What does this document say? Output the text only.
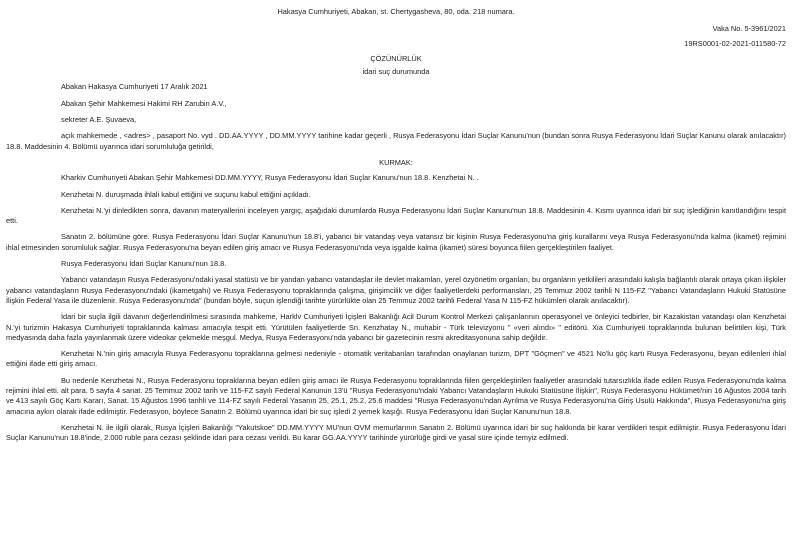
Hakasya Cumhuriyeti, Abakan, st. Chertygasheva, 80, oda. 218 numara.
Vaka No. 5-3961/2021
19RS0001-02-2021-011580-72
ÇÖZÜNÜRLÜK
idari suç durumunda
Abakan Hakasya Cumhuriyeti 17 Aralık 2021
Abakan Şehir Mahkemesi Hakimi RH Zarubin A.V.,
sekreter A.E. Şuvaeva,
açık mahkemede , <adres> , pasaport No. vyd . DD.AA.YYYY , DD.MM.YYYY tarihine kadar geçerli , Rusya Federasyonu İdari Suçlar Kanunu'nun (bundan sonra Rusya Federasyonu İdari Suçlar Kanunu olarak anılacaktır) 18.8. Maddesinin 4. Bölümü uyarınca idari sorumluluğa getirildi,
KURMAK:
Kharkiv Cumhuriyeti Abakan Şehir Mahkemesi DD.MM.YYYY, Rusya Federasyonu İdari Suçlar Kanunu'nun 18.8. Kenzhetai N. .
Kenzhetai N. duruşmada ihlali kabul ettiğini ve suçunu kabul ettiğini açıkladı.
Kenzhetai N.'yi dinledikten sonra, davanın materyallerini inceleyen yargıç, aşağıdaki durumlarda Rusya Federasyonu İdari Suçlar Kanunu'nun 18.8. Maddesinin 4. Kısmı uyarınca idari bir suç işlediğinin kanıtlandığını tespit etti.
Sanatın 2. bölümüne göre. Rusya Federasyonu İdari Suçlar Kanunu'nun 18.8'i, yabancı bir vatandaş veya vatansız bir kişinin Rusya Federasyonu'na giriş kurallarını veya Rusya Federasyonu'nda kalma (ikamet) rejimini ihlal etmesinden sorumluluk sağlar. Rusya Federasyonu'na beyan edilen giriş amacı ve Rusya Federasyonu'nda veya işgalde kalma (ikamet) süresi boyunca fiilen gerçekleştirilen faaliyet.
Rusya Federasyonu İdari Suçlar Kanunu'nun 18.8.
Yabancı vatandaşın Rusya Federasyonu'ndaki yasal statüsü ve bir yandan yabancı vatandaşlar ile devlet makamları, yerel özyönetim organları, bu organların yetkilileri arasındaki kalışla bağlantılı olarak ortaya çıkan ilişkiler yabancı vatandaşların Rusya Federasyonu'ndaki (ikametgahı) ve Rusya Federasyonu topraklarında çalışma, girişimcilik ve diğer faaliyetlerdeki performansları, 25 Temmuz 2002 tarihli N 115-FZ "Yabancı Vatandaşların Hukuki Statüsüne İlişkin Federal Yasa ile düzenlenir. Rusya Federasyonu'nda" (bundan böyle, suçun işlendiği tarihte yürürlükte olan 25 Temmuz 2002 tarihli Federal Yasa N 115-FZ hükümleri olarak anılacaktır).
İdari bir suçla ilgili davanın değerlendirilmesi sırasında mahkeme, Harklv Cumhuriyeti İçişleri Bakanlığı Acil Durum Kontrol Merkezi çalışanlarının operasyonel ve önleyici tedbirler, bir Kazakistan vatandaşı olan Kenzhetai N.'yi turizmin Hakasya Cumhuriyeti topraklarında kalması amacıyla tespit etti. Yürütülen faaliyetlerde Sn. Kenzhatay N., muhabir - Türk televizyonu " «veri alındı» " editörü. Xia Cumhuriyeti topraklarında bulunan belirtilen kişi, Türk medyasında daha fazla yayınlanmak üzere videokar çekmekle meşgul. Medya, Rusya Federasyonu'nda yabancı bir gazetecinin resmi akreditasyonuna sahip değildir.
Kenzhetai N.'nin giriş amacıyla Rusya Federasyonu topraklarına gelmesi nedeniyle - otomatik veritabanları tarafından onaylanan turizm, DPT "Göçmen" ve 4521 No'lu göç kartı Rusya Federasyonu, beyan edilenleri ihlal ettiğini ifade etti giriş amacı.
Bu nedenle Kenzhetai N., Rusya Federasyonu topraklarına beyan edilen giriş amacı ile Rusya Federasyonu topraklarında fiilen gerçekleştirilen faaliyetler arasındaki tutarsızlıkla ifade edilen Rusya Federasyonu'nda kalma rejimini ihlal etti. alt para. 5 sayfa 4 sanat. 25 Temmuz 2002 tarih ve 115-FZ sayılı Federal Kanunun 13'ü "Rusya Federasyonu'ndaki Yabancı Vatandaşların Hukuki Statüsüne İlişkin", Rusya Federasyonu Hükümeti'nin 16 Ağustos 2004 tarih ve 413 sayılı Göç Kartı Kararı, Sanat. 15 Ağustos 1996 tarihli ve 114-FZ sayılı Federal Yasanın 25, 25.1, 25.2, 25.6 maddesi "Rusya Federasyonu'ndan Ayrılma ve Rusya Federasyonu'na Giriş Usulü Hakkında", Rusya Federasyonu'na giriş amacına aykırı olarak ifade edilmiştir. Federasyon, böylece Sanatın 2. Bölümü uyarınca idari bir suç işledi 2 yemek kaşığı. Rusya Federasyonu İdari Suçlar Kanunu'nun 18.8.
Kenzhetai N. ile ilgili olarak, Rusya İçişleri Bakanlığı "Yakutskoe" DD.MM.YYYY MU'nun OVM memurlarının Sanatın 2. Bölümü uyarınca idari bir suç hakkında bir karar verdikleri tespit edilmiştir. Rusya Federasyonu İdari Suçlar Kanunu'nun 18.8'inde, 2.000 ruble para cezası şeklinde idari para cezası verildi. Bu karar GG.AA.YYYY tarihinde yürürlüğe girdi ve yasal süre içinde temyiz edilmedi.
